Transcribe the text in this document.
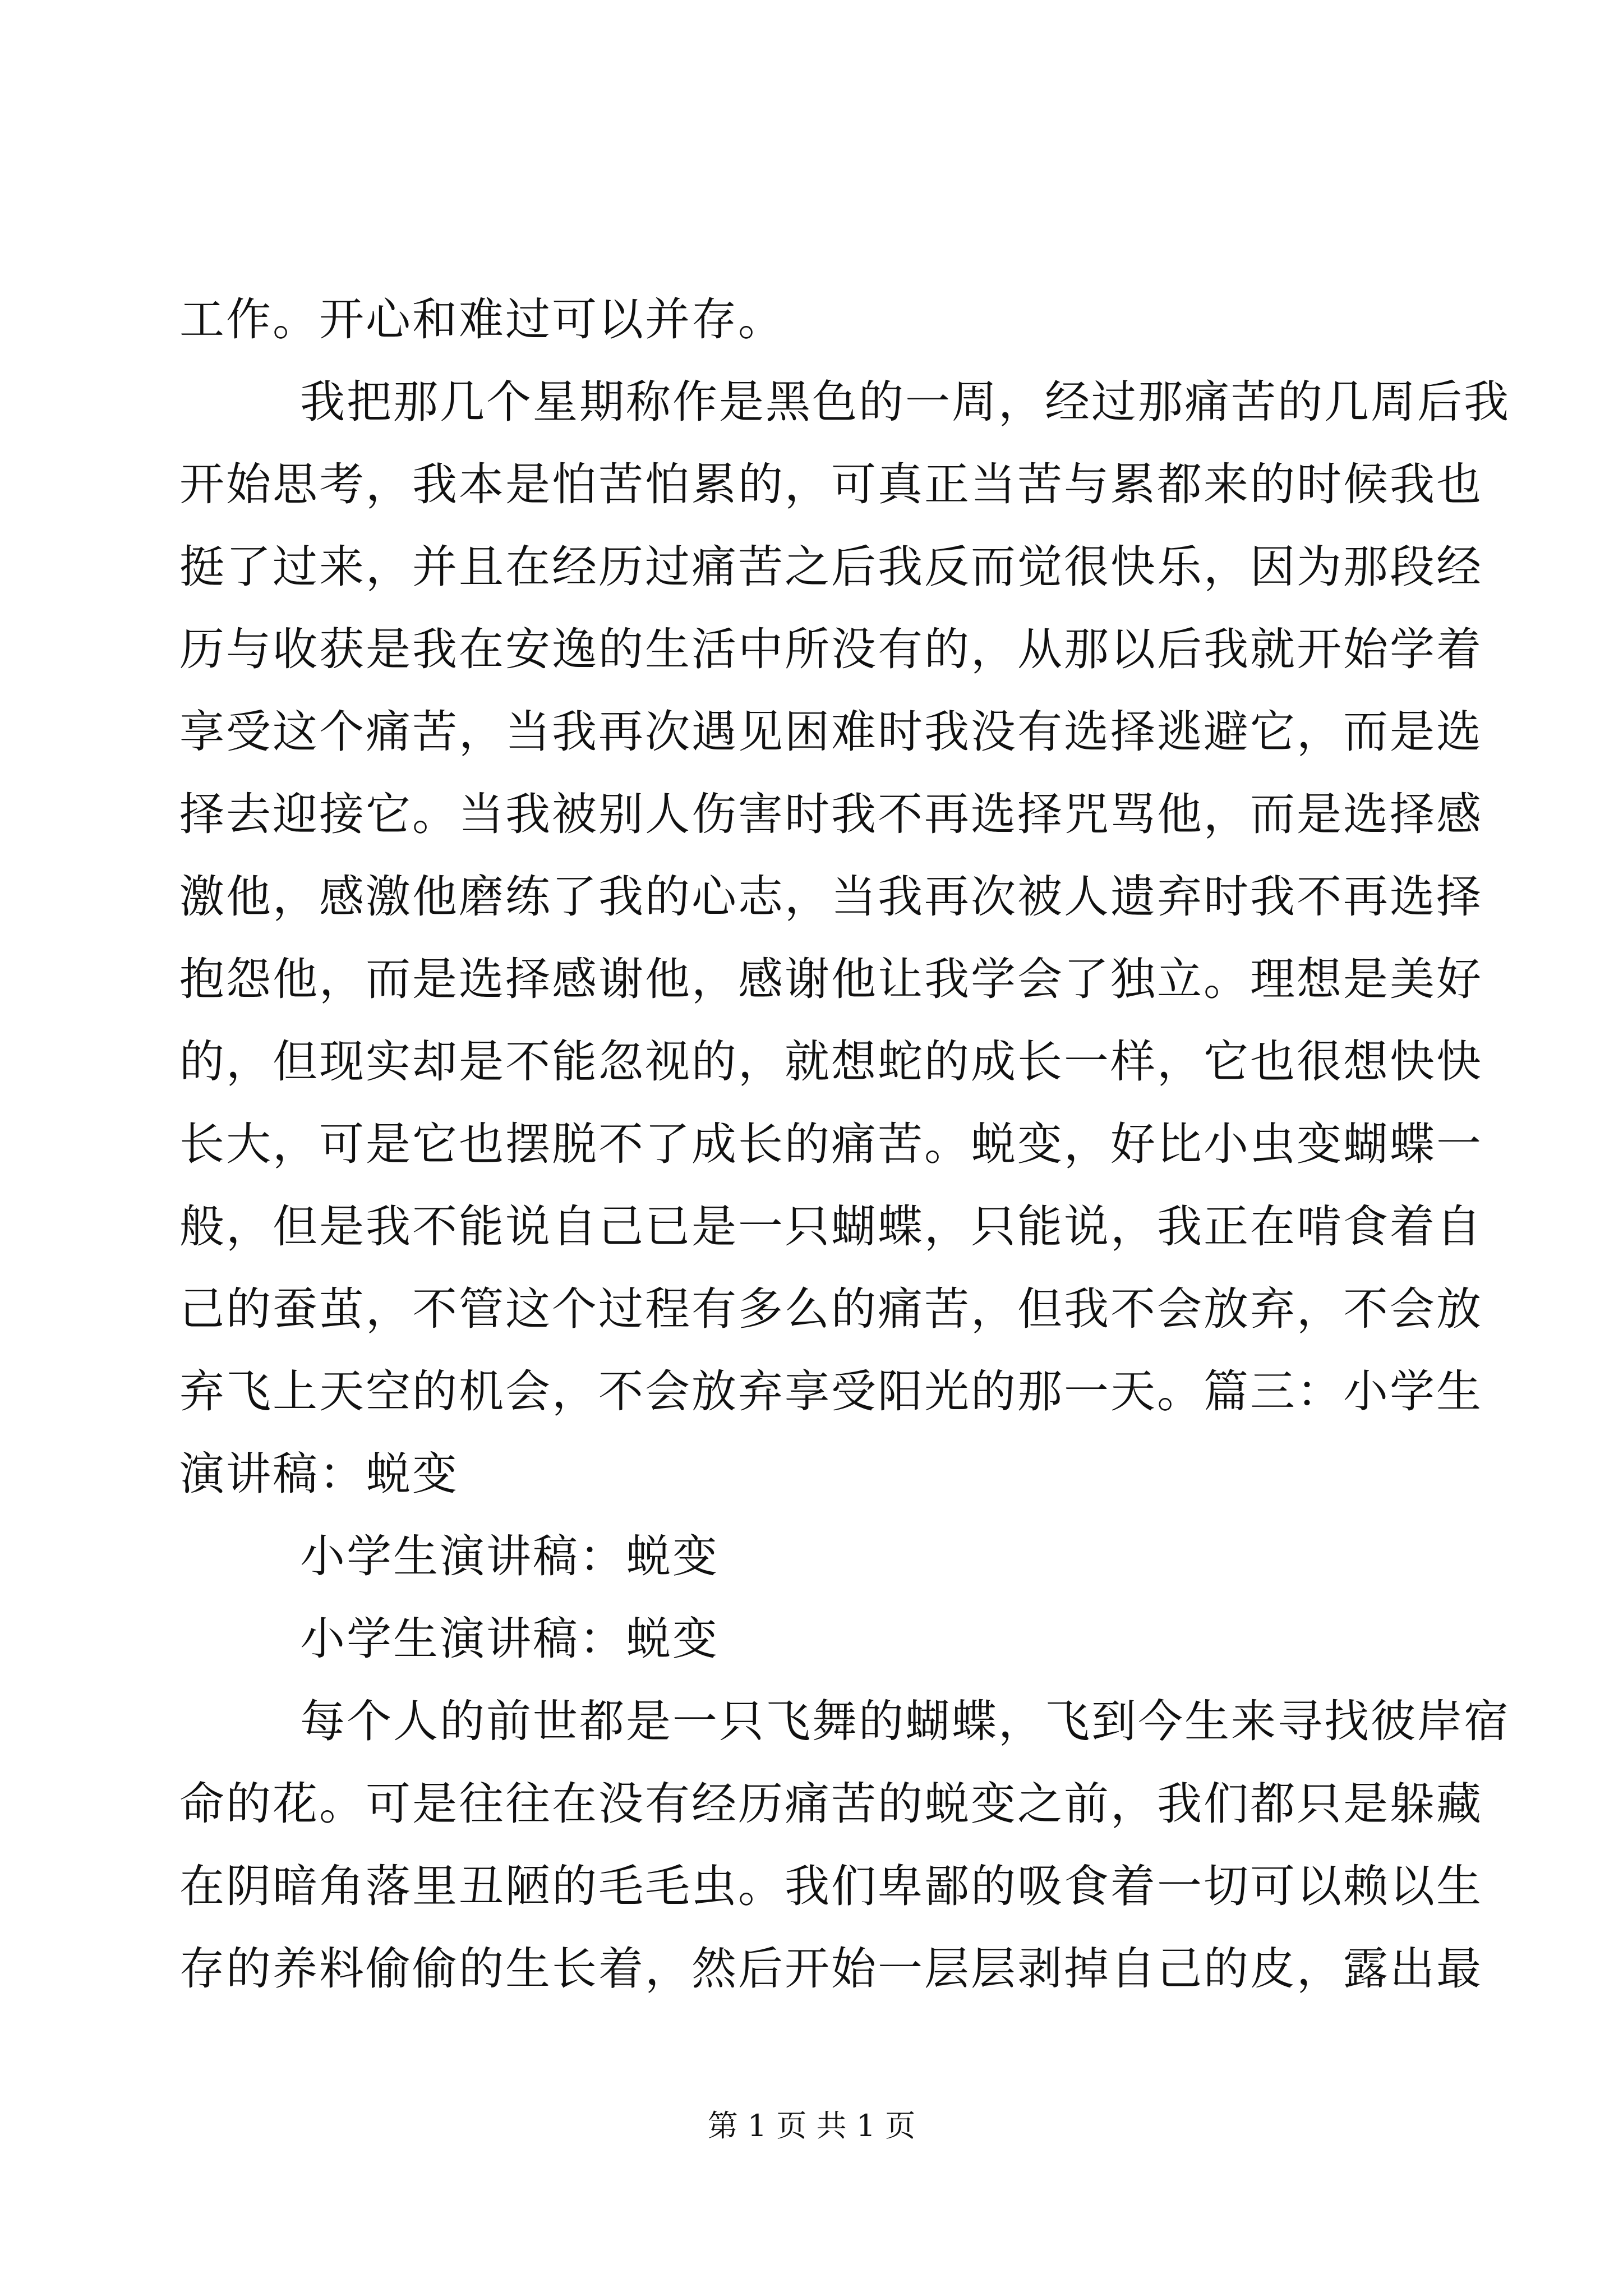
工作。开心和难过可以并存。
我把那几个星期称作是黑色的一周，经过那痛苦的几周后我
开始思考，我本是怕苦怕累的，可真正当苦与累都来的时候我也
挺了过来，并且在经历过痛苦之后我反而觉很快乐，因为那段经
历与收获是我在安逸的生活中所没有的，从那以后我就开始学着
享受这个痛苦，当我再次遇见困难时我没有选择逃避它，而是选
择去迎接它。当我被别人伤害时我不再选择咒骂他，而是选择感
激他，感激他磨练了我的心志，当我再次被人遗弃时我不再选择
抱怨他，而是选择感谢他，感谢他让我学会了独立。理想是美好
的，但现实却是不能忽视的，就想蛇的成长一样，它也很想快快
长大，可是它也摆脱不了成长的痛苦。蜕变，好比小虫变蝴蝶一
般，但是我不能说自己已是一只蝴蝶，只能说，我正在啃食着自
己的蚕茧，不管这个过程有多么的痛苦，但我不会放弃，不会放
弃飞上天空的机会，不会放弃享受阳光的那一天。篇三：小学生
演讲稿：蜕变
小学生演讲稿：蜕变
小学生演讲稿：蜕变
每个人的前世都是一只飞舞的蝴蝶，飞到今生来寻找彼岸宿
命的花。可是往往在没有经历痛苦的蜕变之前，我们都只是躲藏
在阴暗角落里丑陋的毛毛虫。我们卑鄙的吸食着一切可以赖以生
存的养料偷偷的生长着，然后开始一层层剥掉自己的皮，露出最
第 1 页 共 1 页
